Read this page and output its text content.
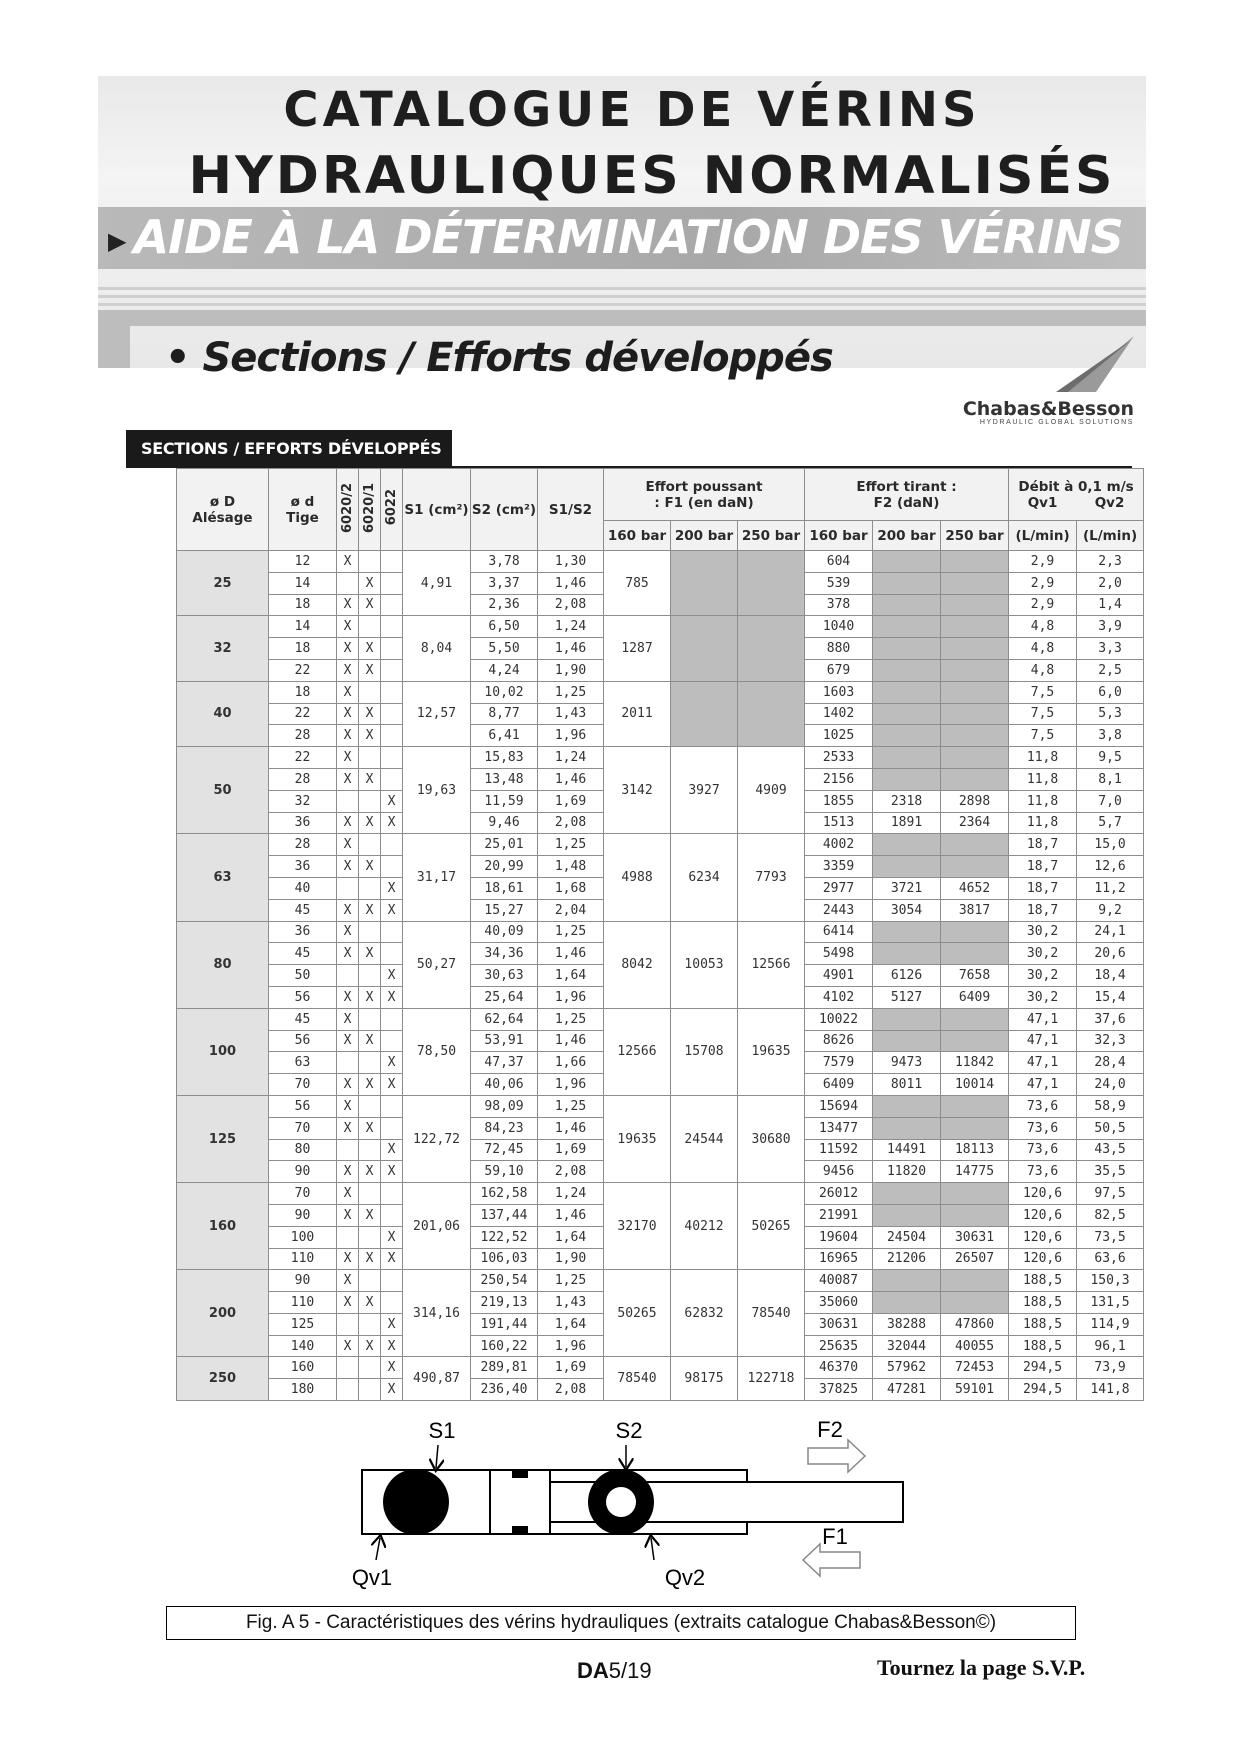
CATALOGUE DE VÉRINS
HYDRAULIQUES NORMALISÉS
▶ AIDE À LA DÉTERMINATION DES VÉRINS
• Sections / Efforts développés
Chabas&Besson
HYDRAULIC GLOBAL SOLUTIONS
SECTIONS / EFFORTS DÉVELOPPÉS
ø D Alésage	ø d Tige	6020/2	6020/1	6022	S1 (cm²)	S2 (cm²)	S1/S2	Effort poussant : F1 (en daN)			Effort tirant : F2 (daN)			Débit à 0,1 m/s
Qv1 Qv2	

								160 bar	200 bar	250 bar	160 bar	200 bar	250 bar	(L/min)	(L/min)
25	12	X			4,91	3,78	1,30	785			604			2,9	2,3
	14		X			3,37	1,46				539			2,9	2,0
	18	X	X			2,36	2,08				378			2,9	1,4
32	14	X			8,04	6,50	1,24	1287			1040			4,8	3,9
	18	X	X			5,50	1,46				880			4,8	3,3
	22	X	X			4,24	1,90				679			4,8	2,5
40	18	X			12,57	10,02	1,25	2011			1603			7,5	6,0
	22	X	X			8,77	1,43				1402			7,5	5,3
	28	X	X			6,41	1,96				1025			7,5	3,8
50	22	X			19,63	15,83	1,24	3142	3927	4909	2533			11,8	9,5
	28	X	X			13,48	1,46				2156			11,8	8,1
	32			X		11,59	1,69				1855	2318	2898	11,8	7,0
	36	X	X	X		9,46	2,08				1513	1891	2364	11,8	5,7
63	28	X			31,17	25,01	1,25	4988	6234	7793	4002			18,7	15,0
	36	X	X			20,99	1,48				3359			18,7	12,6
	40			X		18,61	1,68				2977	3721	4652	18,7	11,2
	45	X	X	X		15,27	2,04				2443	3054	3817	18,7	9,2
80	36	X			50,27	40,09	1,25	8042	10053	12566	6414			30,2	24,1
	45	X	X			34,36	1,46				5498			30,2	20,6
	50			X		30,63	1,64				4901	6126	7658	30,2	18,4
	56	X	X	X		25,64	1,96				4102	5127	6409	30,2	15,4
100	45	X			78,50	62,64	1,25	12566	15708	19635	10022			47,1	37,6
	56	X	X			53,91	1,46				8626			47,1	32,3
	63			X		47,37	1,66				7579	9473	11842	47,1	28,4
	70	X	X	X		40,06	1,96				6409	8011	10014	47,1	24,0
125	56	X			122,72	98,09	1,25	19635	24544	30680	15694			73,6	58,9
	70	X	X			84,23	1,46				13477			73,6	50,5
	80			X		72,45	1,69				11592	14491	18113	73,6	43,5
	90	X	X	X		59,10	2,08				9456	11820	14775	73,6	35,5
160	70	X			201,06	162,58	1,24	32170	40212	50265	26012			120,6	97,5
	90	X	X			137,44	1,46				21991			120,6	82,5
	100			X		122,52	1,64				19604	24504	30631	120,6	73,5
	110	X	X	X		106,03	1,90				16965	21206	26507	120,6	63,6
200	90	X			314,16	250,54	1,25	50265	62832	78540	40087			188,5	150,3
	110	X	X			219,13	1,43				35060			188,5	131,5
	125			X		191,44	1,64				30631	38288	47860	188,5	114,9
	140	X	X	X		160,22	1,96				25635	32044	40055	188,5	96,1
250	160			X	490,87	289,81	1,69	78540	98175	122718	46370	57962	72453	294,5	73,9
	180			X		236,40	2,08				37825	47281	59101	294,5	141,8
S1	S2	F2
F1
Qv1	Qv2
Fig. A 5 - Caractéristiques des vérins hydrauliques (extraits catalogue Chabas&Besson©)
DA5/19	Tournez la page S.V.P.
